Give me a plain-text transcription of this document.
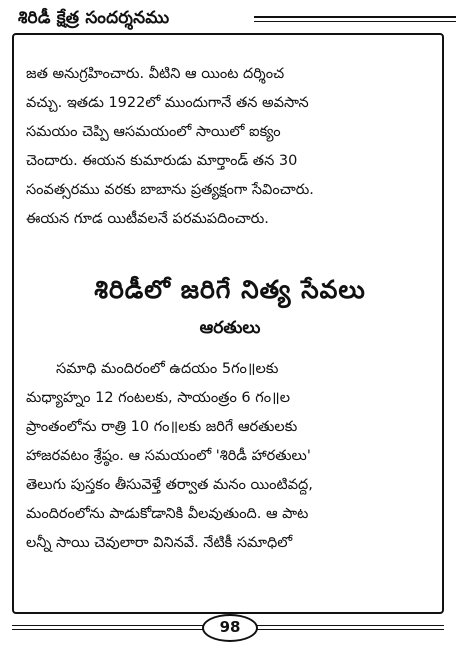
శిరిడీ క్షేత్ర సందర్శనము
జత అనుగ్రహించారు. వీటిని ఆ యింట దర్శించ
వచ్చు. ఇతడు 1922లో ముందుగానే తన అవసాన
సమయం చెప్పి ఆసమయంలో సాయిలో ఐక్యం
చెందారు. ఈయన కుమారుడు మార్తాండ్ తన 30
సంవత్సరము వరకు బాబాను ప్రత్యక్షంగా సేవించారు.
ఈయన గూడ యిటీవలనే పరమపదించారు.
శిరిడీలో జరిగే నిత్య సేవలు
ఆరతులు
సమాధి మందిరంలో ఉదయం 5గం॥లకు
మధ్యాహ్నం 12 గంటలకు, సాయంత్రం 6 గం॥ల
ప్రాంతంలోను రాత్రి 10 గం॥లకు జరిగే ఆరతులకు
హాజరవటం శ్రేష్ఠం. ఆ సమయంలో 'శిరిడీ హారతులు'
తెలుగు పుస్తకం తీసువెళ్తే తర్వాత మనం యింటివద్ద,
మందిరంలోను పాడుకోడానికి వీలవుతుంది. ఆ పాట
లన్నీ సాయి చెవులారా వినినవే. నేటికీ సమాధిలో
98
